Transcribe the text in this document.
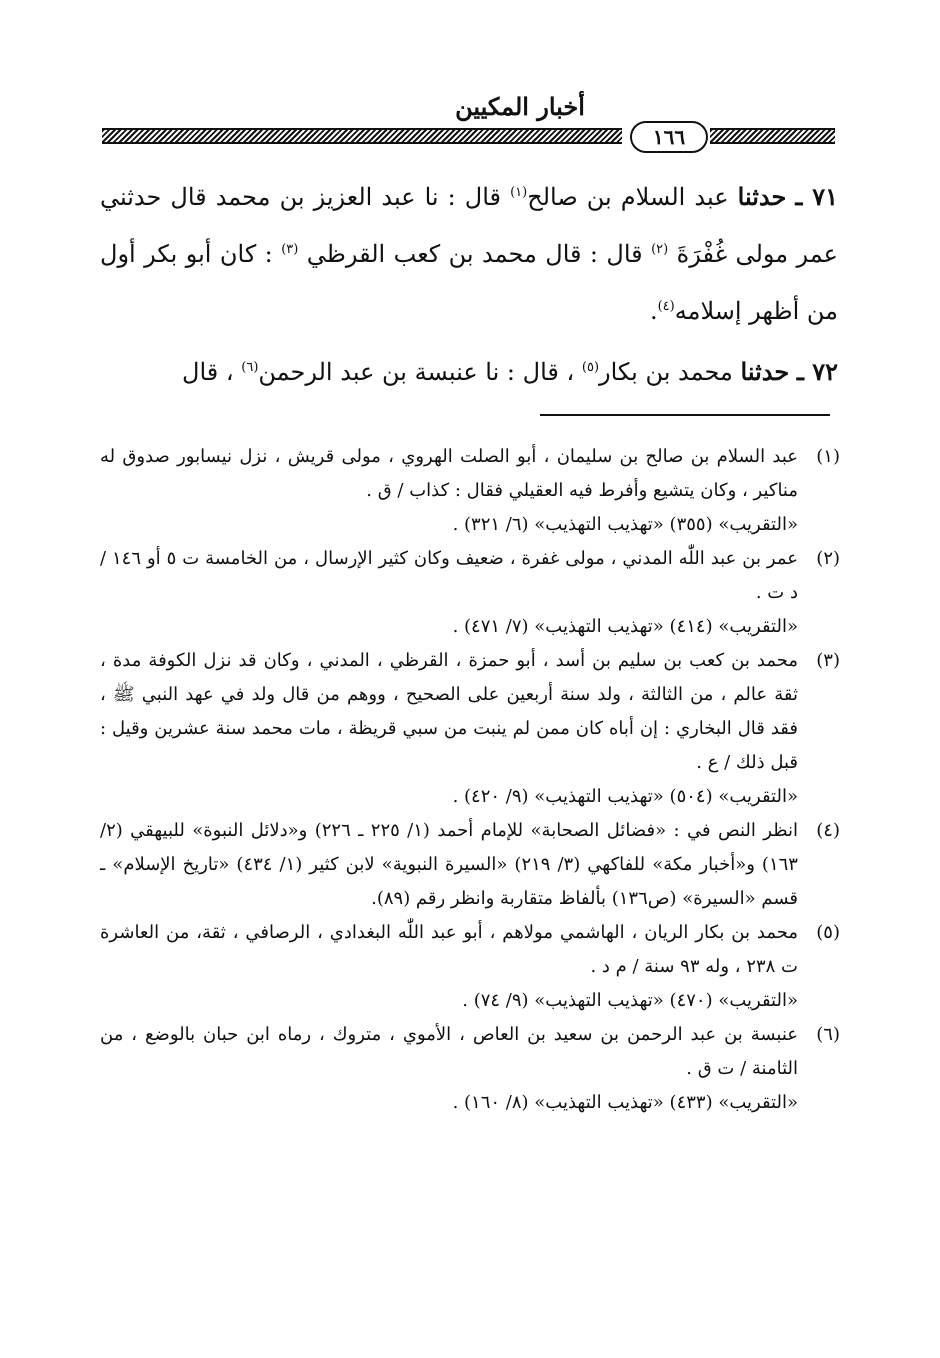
أخبار المكيين
١٦٦

٧١ ـ حدثنا عبد السلام بن صالح$^{(١)}$ قال : نا عبد العزيز بن محمد قال حدثني عمر مولى غُفْرَةَ $^{(٢)}$ قال : قال محمد بن كعب القرظي $^{(٣)}$ : كان أبو بكر أول من أظهر إسلامه$^{(٤)}$.

٧٢ ـ حدثنا محمد بن بكار$^{(٥)}$ ، قال : نا عنبسة بن عبد الرحمن$^{(٦)}$ ، قال

(١)عبد السلام بن صالح بن سليمان ، أبو الصلت الهروي ، مولى قريش ، نزل نيسابور صدوق له مناكير ، وكان يتشيع وأفرط فيه العقيلي فقال : كذاب / ق .

«التقريب» (٣٥٥) «تهذيب التهذيب» (٦/ ٣٢١) .

(٢)عمر بن عبد اللّٰه المدني ، مولى غفرة ، ضعيف وكان كثير الإرسال ، من الخامسة ت ٥ أو ١٤٦ / د ت .

«التقريب» (٤١٤) «تهذيب التهذيب» (٧/ ٤٧١) .

(٣)محمد بن كعب بن سليم بن أسد ، أبو حمزة ، القرظي ، المدني ، وكان قد نزل الكوفة مدة ، ثقة عالم ، من الثالثة ، ولد سنة أربعين على الصحيح ، ووهم من قال ولد في عهد النبي ﷺ ، فقد قال البخاري : إن أباه كان ممن لم ينبت من سبي قريظة ، مات محمد سنة عشرين وقيل : قبل ذلك / ع .

«التقريب» (٥٠٤) «تهذيب التهذيب» (٩/ ٤٢٠) .

(٤)انظر النص في : «فضائل الصحابة» للإمام أحمد (١/ ٢٢٥ ـ ٢٢٦) و«دلائل النبوة» للبيهقي (٢/ ١٦٣) و«أخبار مكة» للفاكهي (٣/ ٢١٩) «السيرة النبوية» لابن كثير (١/ ٤٣٤) «تاريخ الإسلام» ـ قسم «السيرة» (ص١٣٦) بألفاظ متقاربة وانظر رقم (٨٩).

(٥)محمد بن بكار الريان ، الهاشمي مولاهم ، أبو عبد اللّٰه البغدادي ، الرصافي ، ثقة، من العاشرة ت ٢٣٨ ، وله ٩٣ سنة / م د .

«التقريب» (٤٧٠) «تهذيب التهذيب» (٩/ ٧٤) .

(٦)عنبسة بن عبد الرحمن بن سعيد بن العاص ، الأموي ، متروك ، رماه ابن حبان بالوضع ، من الثامنة / ت ق .

«التقريب» (٤٣٣) «تهذيب التهذيب» (٨/ ١٦٠) .
